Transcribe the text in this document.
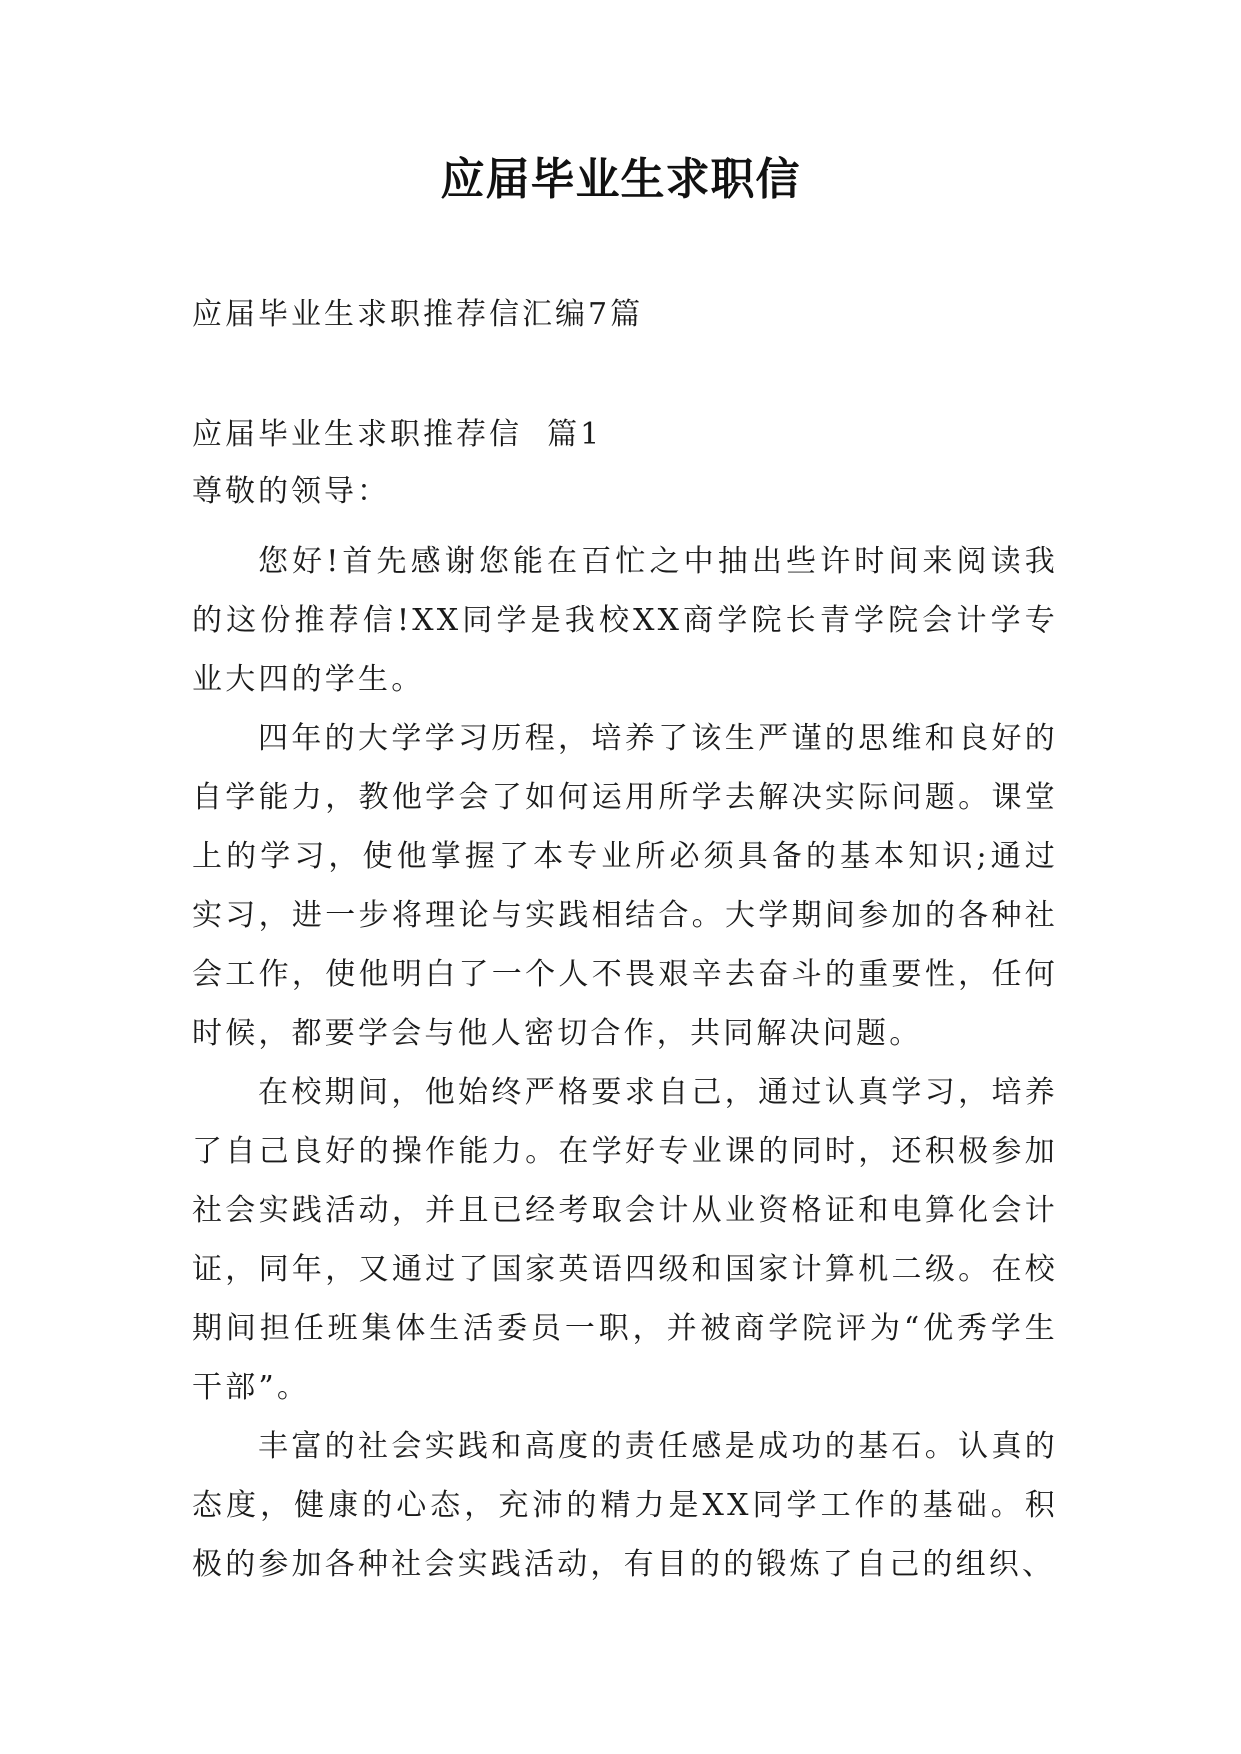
应届毕业生求职信

应届毕业生求职推荐信汇编7篇

应届毕业生求职推荐信  篇1

尊敬的领导：

您好!首先感谢您能在百忙之中抽出些许时间来阅读我的这份推荐信!XX同学是我校XX商学院长青学院会计学专业大四的学生。

四年的大学学习历程，培养了该生严谨的思维和良好的自学能力，教他学会了如何运用所学去解决实际问题。课堂上的学习，使他掌握了本专业所必须具备的基本知识;通过实习，进一步将理论与实践相结合。大学期间参加的各种社会工作，使他明白了一个人不畏艰辛去奋斗的重要性，任何时候，都要学会与他人密切合作，共同解决问题。

在校期间，他始终严格要求自己，通过认真学习，培养了自己良好的操作能力。在学好专业课的同时，还积极参加社会实践活动，并且已经考取会计从业资格证和电算化会计证，同年，又通过了国家英语四级和国家计算机二级。在校期间担任班集体生活委员一职，并被商学院评为“优秀学生干部”。

丰富的社会实践和高度的责任感是成功的基石。认真的态度，健康的心态，充沛的精力是XX同学工作的基础。积极的参加各种社会实践活动，有目的的锻炼了自己的组织、
